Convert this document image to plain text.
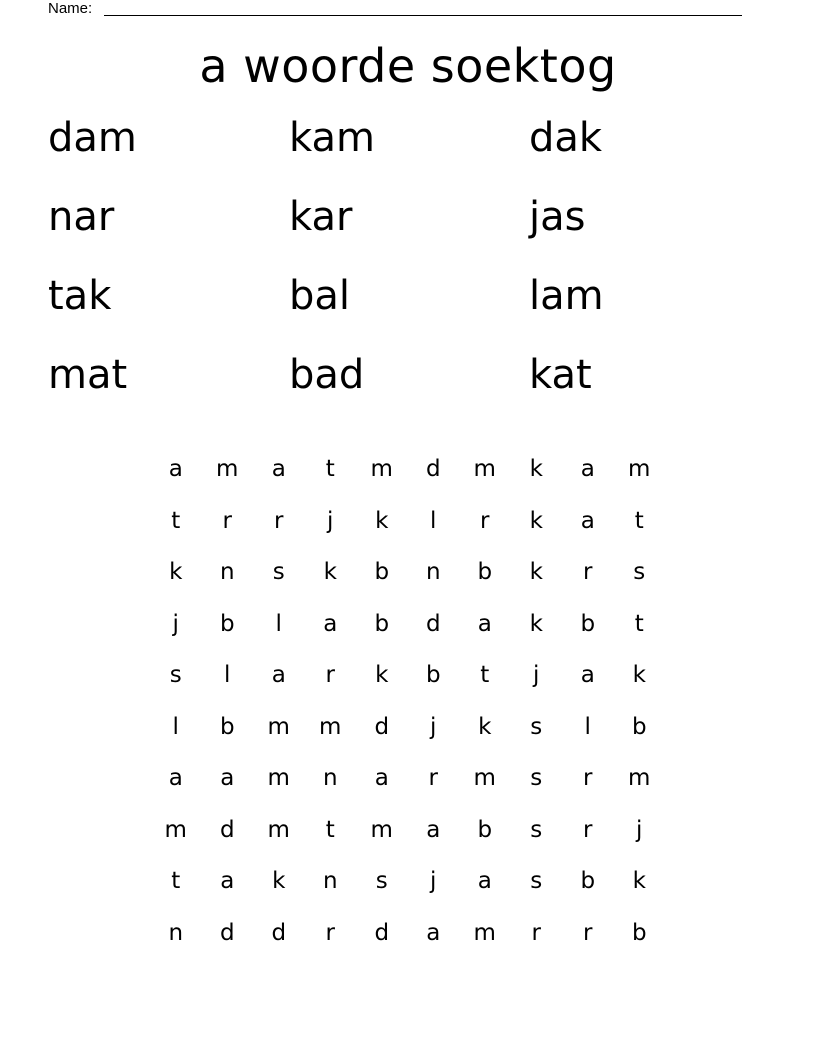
Name:
a woorde soektog
dam	kam	dak
nar	kar	jas
tak	bal	lam
mat	bad	kat
a	m	a	t	m	d	m	k	a	m
t	r	r	j	k	l	r	k	a	t
k	n	s	k	b	n	b	k	r	s
j	b	l	a	b	d	a	k	b	t
s	l	a	r	k	b	t	j	a	k
l	b	m	m	d	j	k	s	l	b
a	a	m	n	a	r	m	s	r	m
m	d	m	t	m	a	b	s	r	j
t	a	k	n	s	j	a	s	b	k
n	d	d	r	d	a	m	r	r	b
